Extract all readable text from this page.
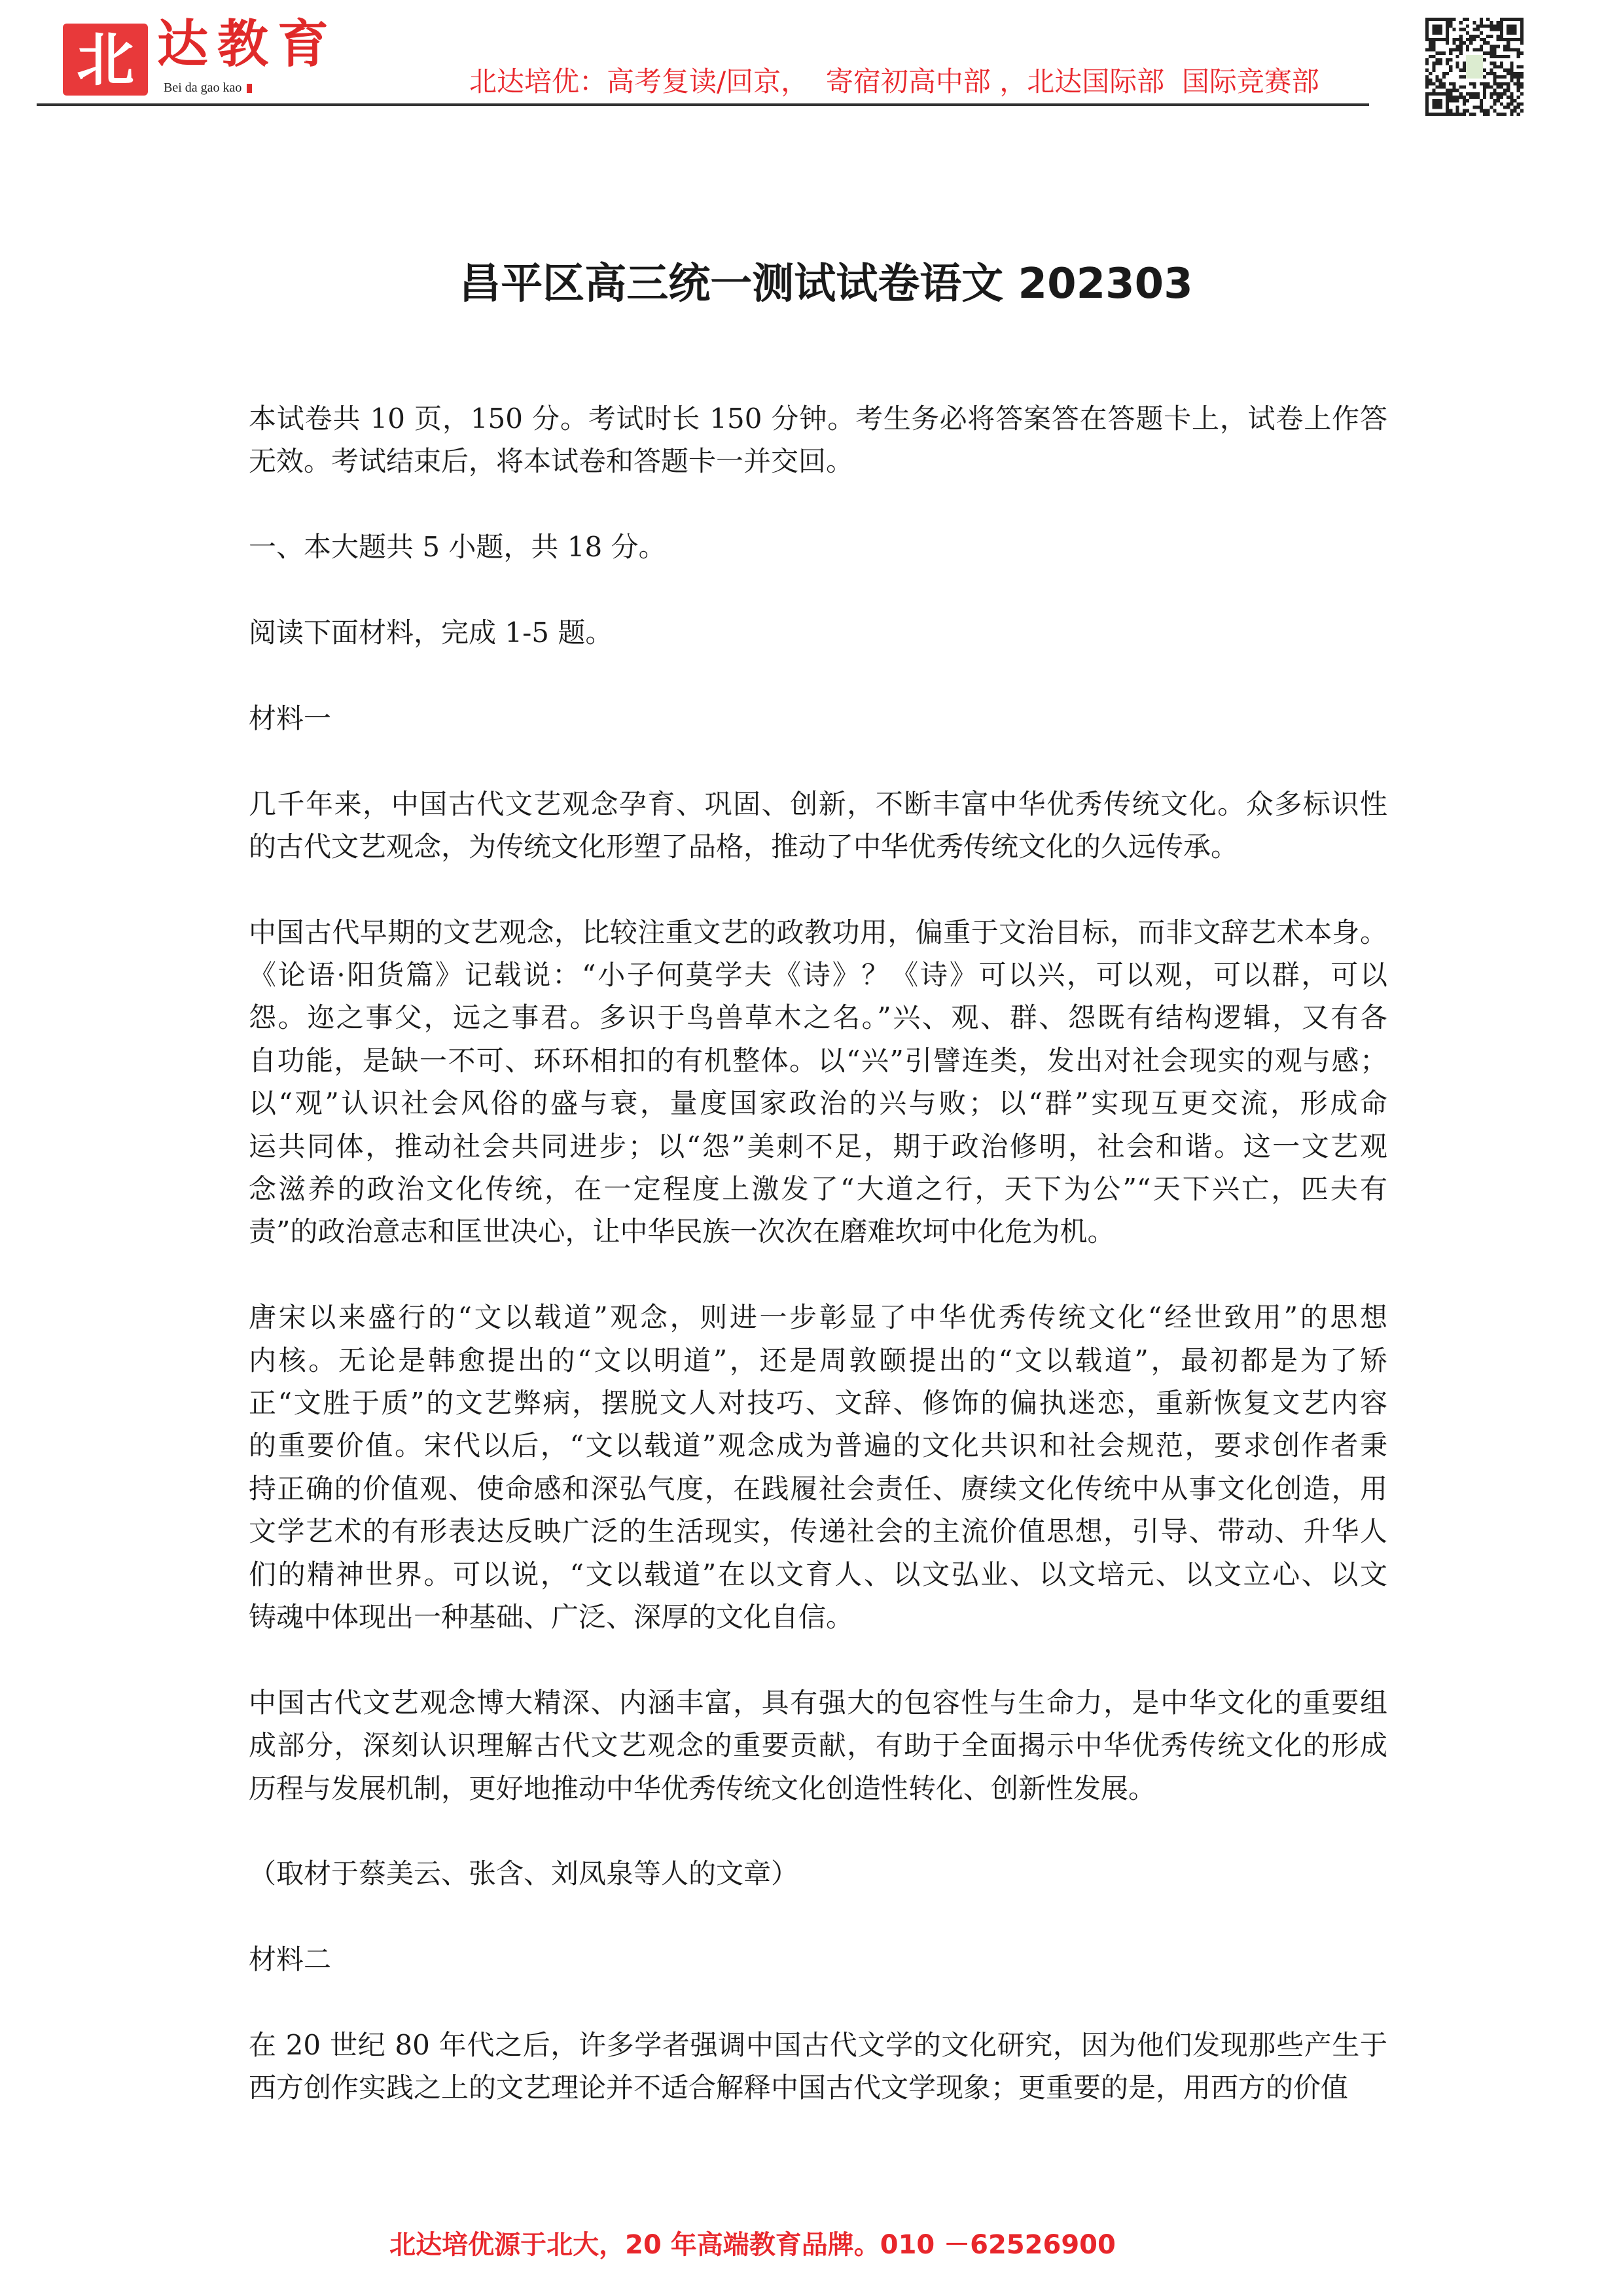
北 达教育
Bei da gao kao	北达培优：高考复读/回京，  寄宿初高中部 ，北达国际部  国际竞赛部
昌平区高三统一测试试卷语文 202303
本试卷共 10 页，150 分。考试时长 150 分钟。考生务必将答案答在答题卡上，试卷上作答
无效。考试结束后，将本试卷和答题卡一并交回。
一、本大题共 5 小题，共 18 分。
阅读下面材料，完成 1-5 题。
材料一
几千年来，中国古代文艺观念孕育、巩固、创新，不断丰富中华优秀传统文化。众多标识性
的古代文艺观念，为传统文化形塑了品格，推动了中华优秀传统文化的久远传承。
中国古代早期的文艺观念，比较注重文艺的政教功用，偏重于文治目标，而非文辞艺术本身。
《论语·阳货篇》记载说：“小子何莫学夫《诗》？《诗》可以兴，可以观，可以群，可以
怨。迩之事父，远之事君。多识于鸟兽草木之名。”兴、观、群、怨既有结构逻辑，又有各
自功能，是缺一不可、环环相扣的有机整体。以“兴”引譬连类，发出对社会现实的观与感；
以“观”认识社会风俗的盛与衰，量度国家政治的兴与败；以“群”实现互更交流，形成命
运共同体，推动社会共同进步；以“怨”美刺不足，期于政治修明，社会和谐。这一文艺观
念滋养的政治文化传统，在一定程度上激发了“大道之行，天下为公”“天下兴亡，匹夫有
责”的政治意志和匡世决心，让中华民族一次次在磨难坎坷中化危为机。
唐宋以来盛行的“文以载道”观念，则进一步彰显了中华优秀传统文化“经世致用”的思想
内核。无论是韩愈提出的“文以明道”，还是周敦颐提出的“文以载道”，最初都是为了矫
正“文胜于质”的文艺弊病，摆脱文人对技巧、文辞、修饰的偏执迷恋，重新恢复文艺内容
的重要价值。宋代以后，“文以载道”观念成为普遍的文化共识和社会规范，要求创作者秉
持正确的价值观、使命感和深弘气度，在践履社会责任、赓续文化传统中从事文化创造，用
文学艺术的有形表达反映广泛的生活现实，传递社会的主流价值思想，引导、带动、升华人
们的精神世界。可以说，“文以载道”在以文育人、以文弘业、以文培元、以文立心、以文
铸魂中体现出一种基础、广泛、深厚的文化自信。
中国古代文艺观念博大精深、内涵丰富，具有强大的包容性与生命力，是中华文化的重要组
成部分，深刻认识理解古代文艺观念的重要贡献，有助于全面揭示中华优秀传统文化的形成
历程与发展机制，更好地推动中华优秀传统文化创造性转化、创新性发展。
（取材于蔡美云、张含、刘凤泉等人的文章）
材料二
在 20 世纪 80 年代之后，许多学者强调中国古代文学的文化研究，因为他们发现那些产生于
西方创作实践之上的文艺理论并不适合解释中国古代文学现象；更重要的是，用西方的价值
北达培优源于北大，20 年高端教育品牌。010 －62526900
